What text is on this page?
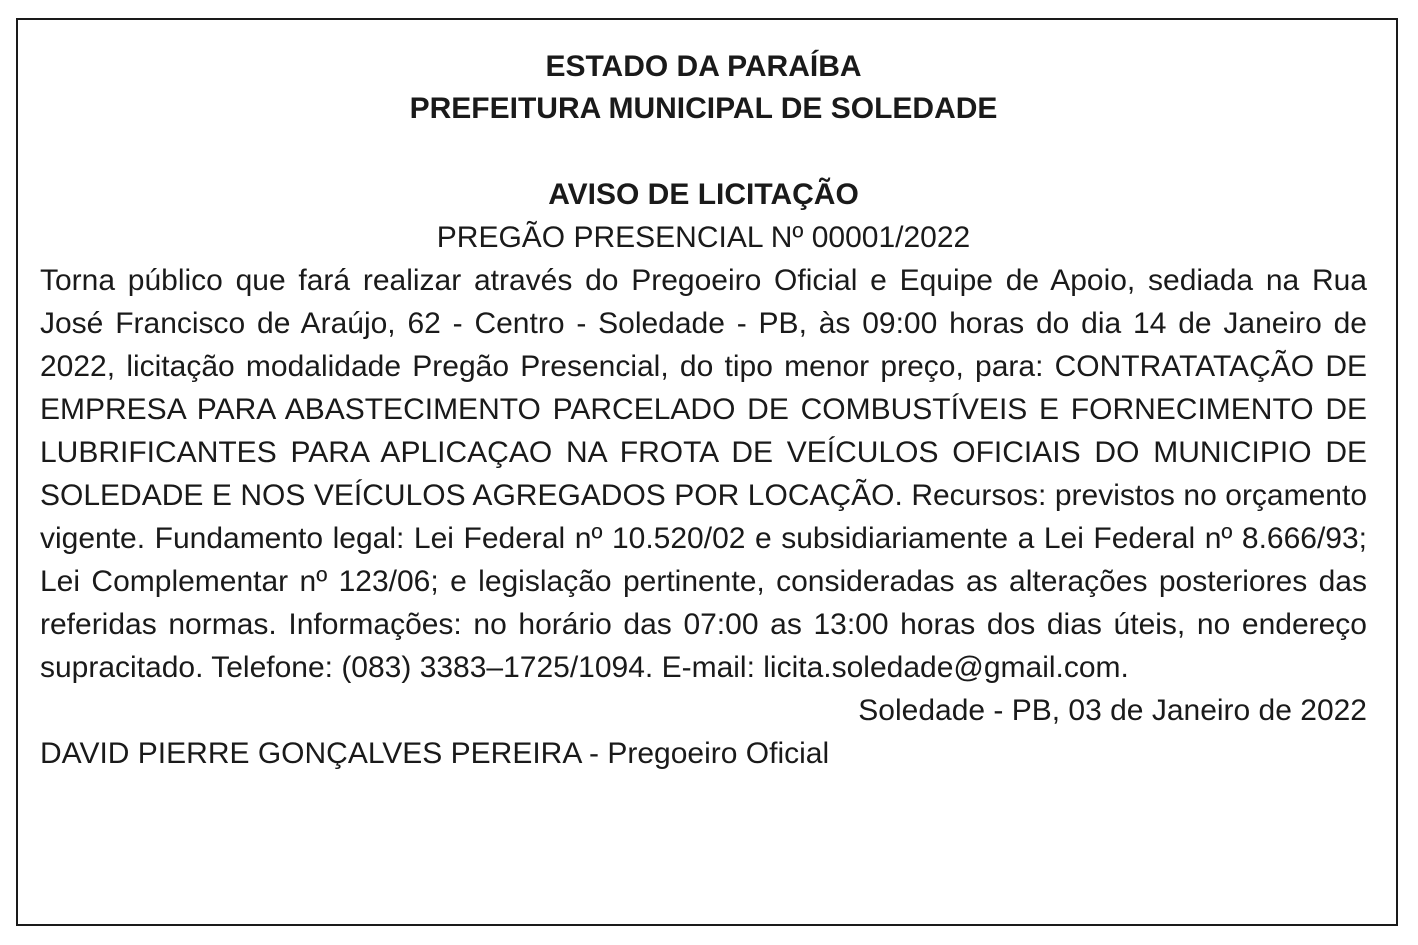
ESTADO DA PARAÍBA
PREFEITURA MUNICIPAL DE SOLEDADE
AVISO DE LICITAÇÃO
PREGÃO PRESENCIAL Nº 00001/2022

Torna público que fará realizar através do Pregoeiro Oficial e Equipe de Apoio, sediada na Rua José Francisco de Araújo, 62 - Centro - Soledade - PB, às 09:00 horas do dia 14 de Janeiro de 2022, licitação modalidade Pregão Presencial, do tipo menor preço, para: CONTRATATAÇÃO DE EMPRESA PARA ABASTECIMENTO PARCELADO DE COMBUSTÍVEIS E FORNECIMENTO DE LUBRIFICANTES PARA APLICAÇAO NA FROTA DE VEÍCULOS OFICIAIS DO MUNICIPIO DE SOLEDADE E NOS VEÍCULOS AGREGADOS POR LOCAÇÃO. Recursos: previstos no orçamento vigente. Fundamento legal: Lei Federal nº 10.520/02 e subsidiariamente a Lei Federal nº 8.666/93; Lei Complementar nº 123/06; e legislação pertinente, consideradas as alterações posteriores das referidas normas. Informações: no horário das 07:00 as 13:00 horas dos dias úteis, no endereço supracitado. Telefone: (083) 3383–1725/1094. E-mail: licita.soledade@gmail.com.

Soledade - PB, 03 de Janeiro de 2022
DAVID PIERRE GONÇALVES PEREIRA - Pregoeiro Oficial
